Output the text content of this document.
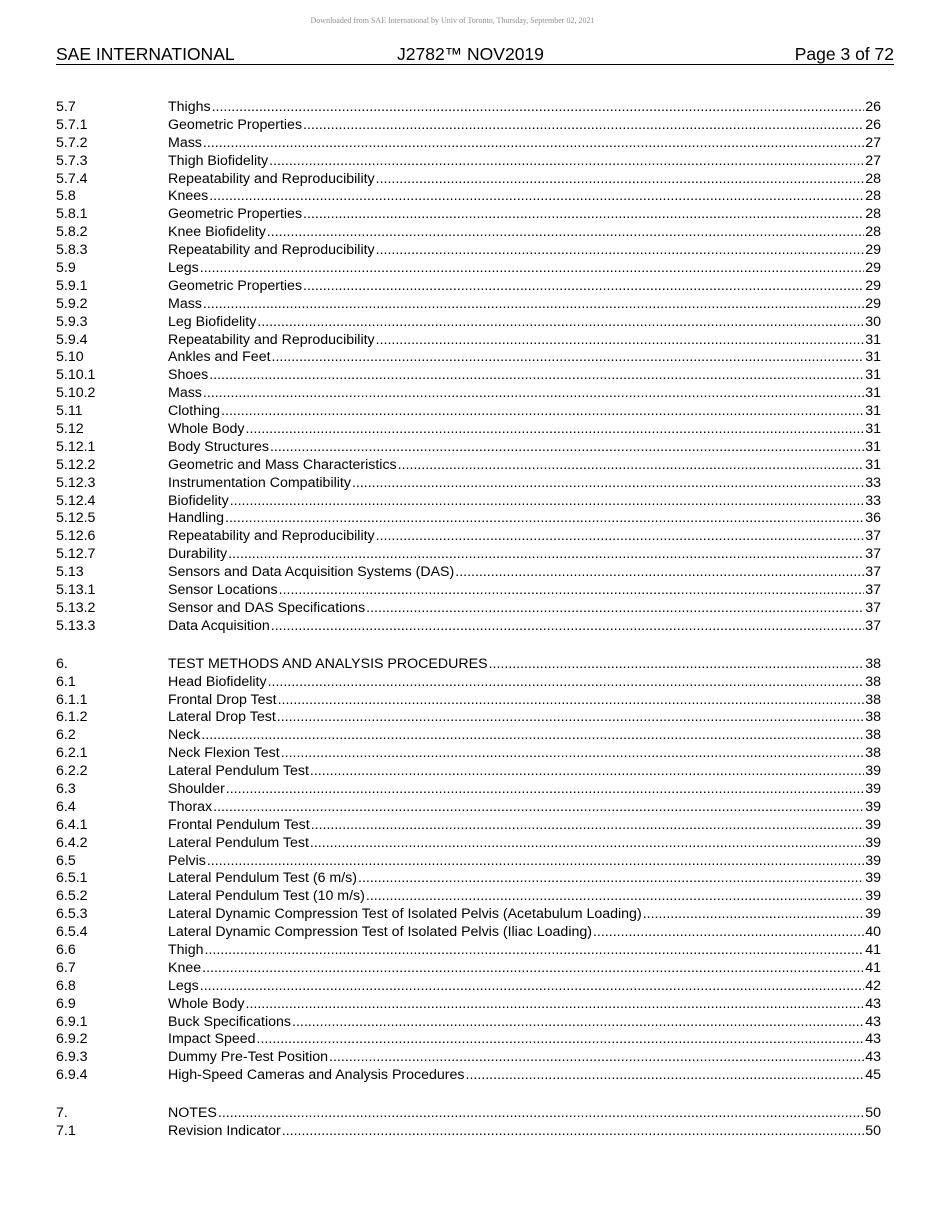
Downloaded from SAE International by Univ of Toronto, Thursday, September 02, 2021
SAE INTERNATIONAL	J2782™ NOV2019	Page 3 of 72
5.7	Thighs .....	26
5.7.1	Geometric Properties .....	26
5.7.2	Mass .....	27
5.7.3	Thigh Biofidelity .....	27
5.7.4	Repeatability and Reproducibility .....	28
5.8	Knees .....	28
5.8.1	Geometric Properties .....	28
5.8.2	Knee Biofidelity .....	28
5.8.3	Repeatability and Reproducibility .....	29
5.9	Legs .....	29
5.9.1	Geometric Properties .....	29
5.9.2	Mass .....	29
5.9.3	Leg Biofidelity .....	30
5.9.4	Repeatability and Reproducibility .....	31
5.10	Ankles and Feet .....	31
5.10.1	Shoes .....	31
5.10.2	Mass .....	31
5.11	Clothing .....	31
5.12	Whole Body .....	31
5.12.1	Body Structures .....	31
5.12.2	Geometric and Mass Characteristics .....	31
5.12.3	Instrumentation Compatibility .....	33
5.12.4	Biofidelity .....	33
5.12.5	Handling .....	36
5.12.6	Repeatability and Reproducibility .....	37
5.12.7	Durability .....	37
5.13	Sensors and Data Acquisition Systems (DAS) .....	37
5.13.1	Sensor Locations .....	37
5.13.2	Sensor and DAS Specifications .....	37
5.13.3	Data Acquisition .....	37
6.	TEST METHODS AND ANALYSIS PROCEDURES .....	38
6.1	Head Biofidelity .....	38
6.1.1	Frontal Drop Test .....	38
6.1.2	Lateral Drop Test .....	38
6.2	Neck .....	38
6.2.1	Neck Flexion Test .....	38
6.2.2	Lateral Pendulum Test .....	39
6.3	Shoulder .....	39
6.4	Thorax .....	39
6.4.1	Frontal Pendulum Test .....	39
6.4.2	Lateral Pendulum Test .....	39
6.5	Pelvis .....	39
6.5.1	Lateral Pendulum Test (6 m/s) .....	39
6.5.2	Lateral Pendulum Test (10 m/s) .....	39
6.5.3	Lateral Dynamic Compression Test of Isolated Pelvis (Acetabulum Loading) .....	39
6.5.4	Lateral Dynamic Compression Test of Isolated Pelvis (Iliac Loading) .....	40
6.6	Thigh .....	41
6.7	Knee .....	41
6.8	Legs .....	42
6.9	Whole Body .....	43
6.9.1	Buck Specifications .....	43
6.9.2	Impact Speed .....	43
6.9.3	Dummy Pre-Test Position .....	43
6.9.4	High-Speed Cameras and Analysis Procedures .....	45
7.	NOTES .....	50
7.1	Revision Indicator .....	50
